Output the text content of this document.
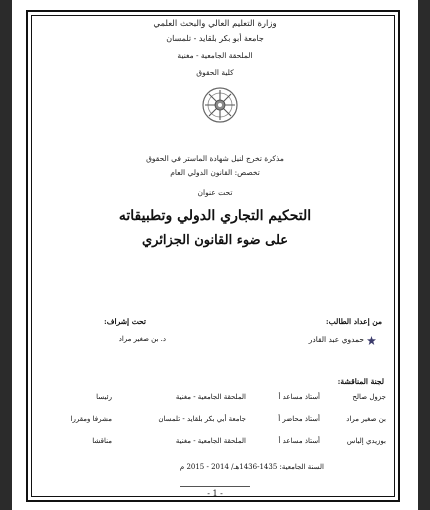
وزارة التعليم العالي والبحث العلمي
جامعة أبو بكر بلقايد - تلمسان
الملحقة الجامعية - مغنية
كلية الحقوق
مذكرة تخرج لنيل شهادة الماستر في الحقوق
تخصص: القانون الدولي العام
تحت عنوان
التحكيم التجاري الدولي وتطبيقاته
على ضوء القانون الجزائري
من إعداد الطالب:
حمدوي عبد القادر
تحت إشراف:
د. بن صغير مراد
لجنة المناقشة:
جزول صالح
أستاذ مساعد أ
الملحقة الجامعية - مغنية
رئيسا
بن صغير مراد
أستاذ محاضر أ
جامعة أبي بكر بلقايد - تلمسان
مشرفا ومقررا
بوزيدي إلياس
أستاذ مساعد أ
الملحقة الجامعية - مغنية
مناقشا
السنة الجامعية: 1435-1436هـ/ 2014 - 2015 م
- 1 -
